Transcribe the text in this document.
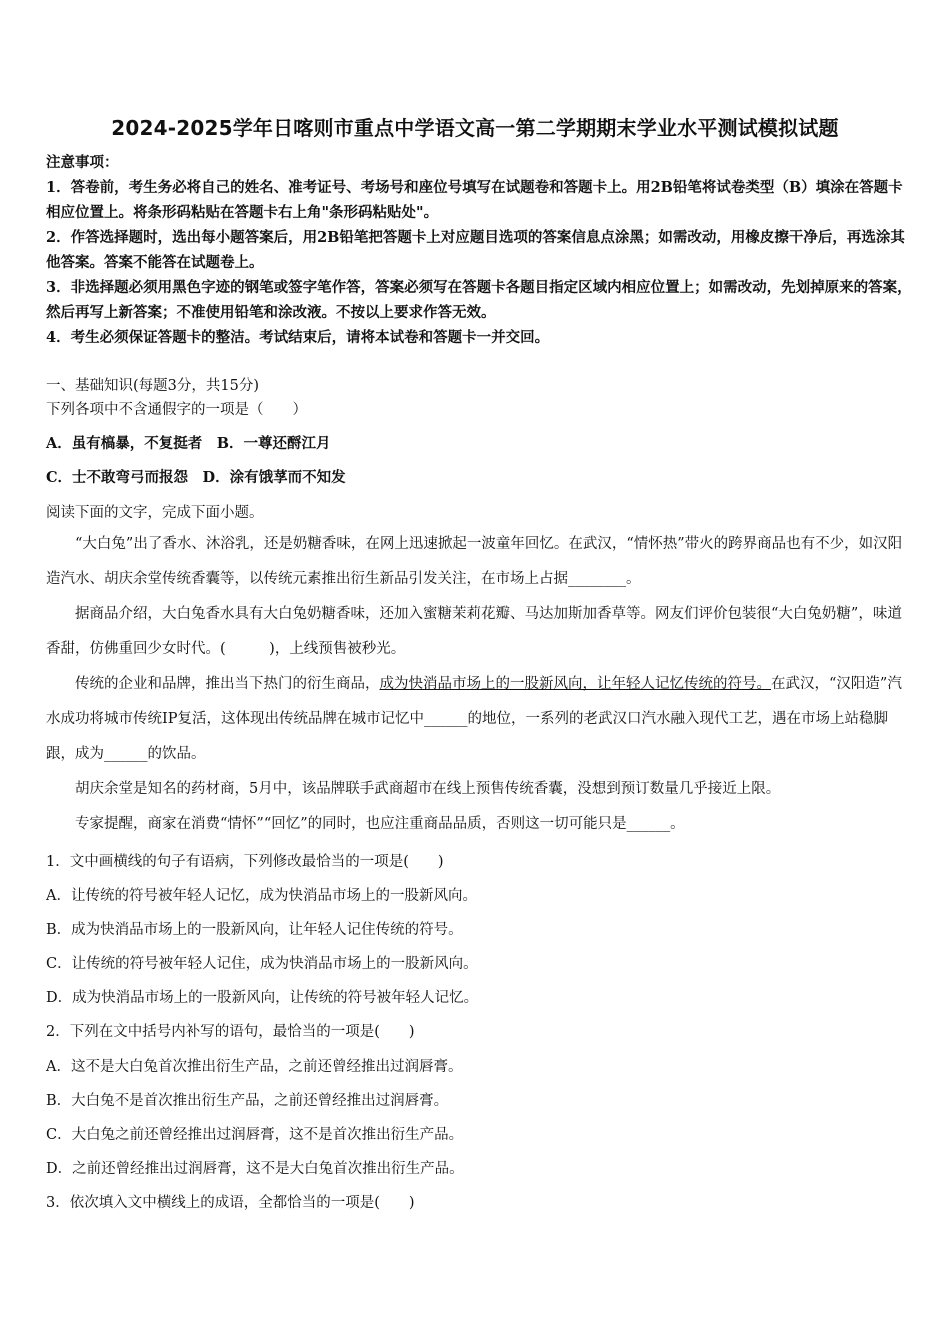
2024-2025学年日喀则市重点中学语文高一第二学期期末学业水平测试模拟试题

注意事项：

1．答卷前，考生务必将自己的姓名、准考证号、考场号和座位号填写在试题卷和答题卡上。用2B铅笔将试卷类型（B）填涂在答题卡相应位置上。将条形码粘贴在答题卡右上角"条形码粘贴处"。

2．作答选择题时，选出每小题答案后，用2B铅笔把答题卡上对应题目选项的答案信息点涂黑；如需改动，用橡皮擦干净后，再选涂其他答案。答案不能答在试题卷上。

3．非选择题必须用黑色字迹的钢笔或签字笔作答，答案必须写在答题卡各题目指定区域内相应位置上；如需改动，先划掉原来的答案，然后再写上新答案；不准使用铅笔和涂改液。不按以上要求作答无效。

4．考生必须保证答题卡的整洁。考试结束后，请将本试卷和答题卡一并交回。

一、基础知识(每题3分，共15分)
下列各项中不含通假字的一项是（　　）
A．虽有槁暴，不复挺者　B．一尊还酹江月
C．士不敢弯弓而报怨　D．涂有饿莩而不知发
阅读下面的文字，完成下面小题。

“大白兔”出了香水、沐浴乳，还是奶糖香味，在网上迅速掀起一波童年回忆。在武汉，“情怀热”带火的跨界商品也有不少，如汉阳造汽水、胡庆余堂传统香囊等，以传统元素推出衍生新品引发关注，在市场上占据________。

据商品介绍，大白兔香水具有大白兔奶糖香味，还加入蜜糖茉莉花瓣、马达加斯加香草等。网友们评价包装很“大白兔奶糖”，味道香甜，仿佛重回少女时代。(　　　)，上线预售被秒光。

传统的企业和品牌，推出当下热门的衍生商品，成为快消品市场上的一股新风向，让年轻人记忆传统的符号。在武汉，“汉阳造”汽水成功将城市传统IP复活，这体现出传统品牌在城市记忆中______的地位，一系列的老武汉口汽水融入现代工艺，遇在市场上站稳脚跟，成为______的饮品。

胡庆余堂是知名的药材商，5月中，该品牌联手武商超市在线上预售传统香囊，没想到预订数量几乎接近上限。

专家提醒，商家在消费“情怀”“回忆”的同时，也应注重商品品质，否则这一切可能只是______。

1．文中画横线的句子有语病，下列修改最恰当的一项是(　　)
A．让传统的符号被年轻人记忆，成为快消品市场上的一股新风向。
B．成为快消品市场上的一股新风向，让年轻人记住传统的符号。
C．让传统的符号被年轻人记住，成为快消品市场上的一股新风向。
D．成为快消品市场上的一股新风向，让传统的符号被年轻人记忆。
2．下列在文中括号内补写的语句，最恰当的一项是(　　)
A．这不是大白兔首次推出衍生产品，之前还曾经推出过润唇膏。
B．大白兔不是首次推出衍生产品，之前还曾经推出过润唇膏。
C．大白兔之前还曾经推出过润唇膏，这不是首次推出衍生产品。
D．之前还曾经推出过润唇膏，这不是大白兔首次推出衍生产品。
3．依次填入文中横线上的成语，全都恰当的一项是(　　)
